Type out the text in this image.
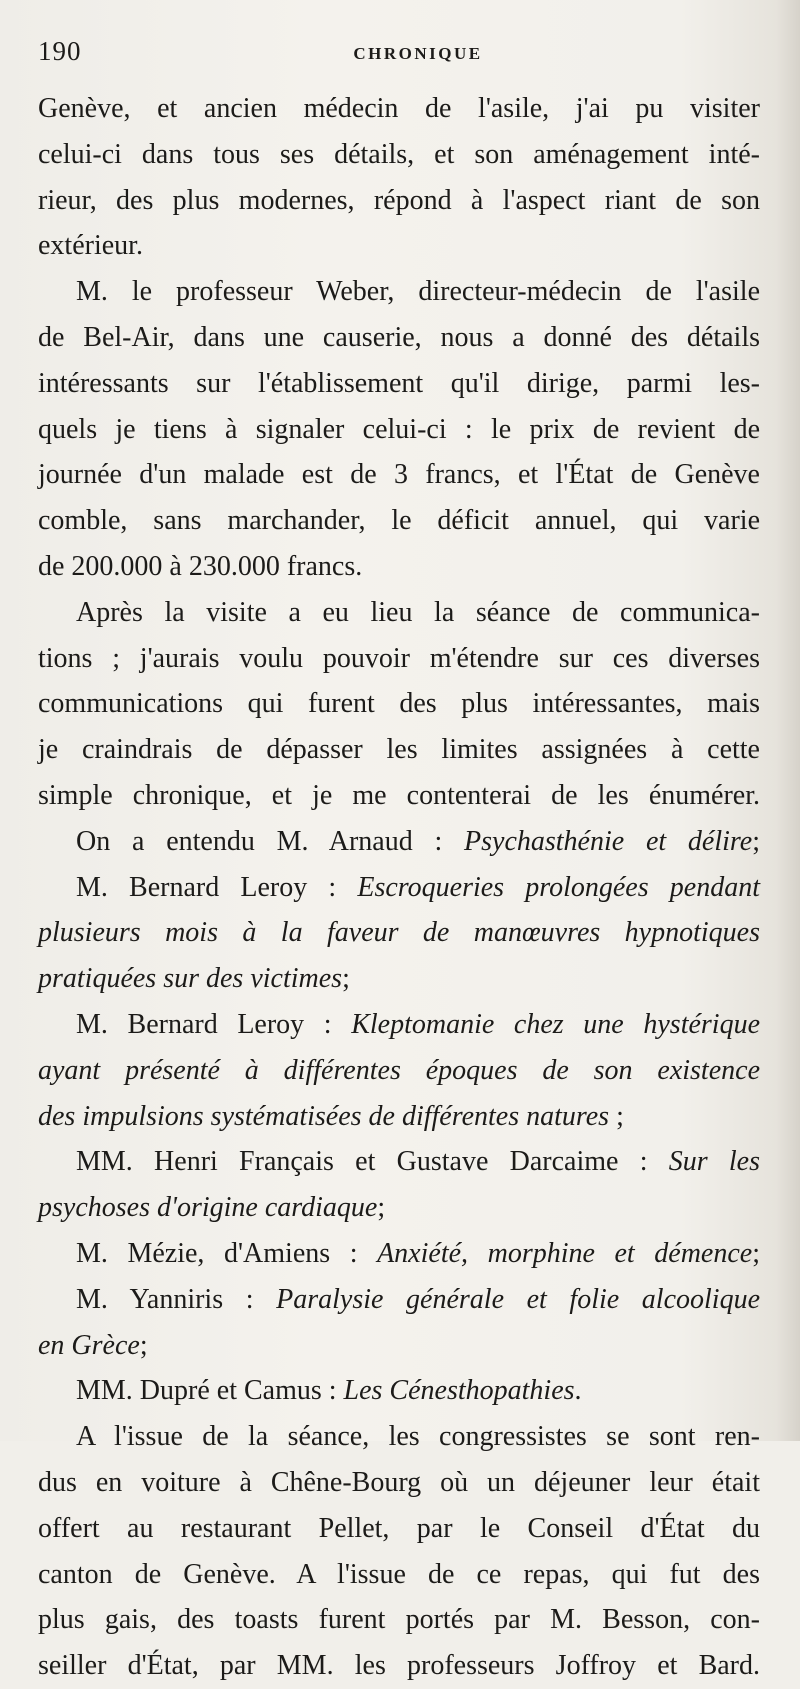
190	CHRONIQUE
Genève, et ancien médecin de l'asile, j'ai pu visiter
celui-ci dans tous ses détails, et son aménagement inté-
rieur, des plus modernes, répond à l'aspect riant de son
extérieur.
M. le professeur Weber, directeur-médecin de l'asile
de Bel-Air, dans une causerie, nous a donné des détails
intéressants sur l'établissement qu'il dirige, parmi les-
quels je tiens à signaler celui-ci : le prix de revient de
journée d'un malade est de 3 francs, et l'État de Genève
comble, sans marchander, le déficit annuel, qui varie
de 200.000 à 230.000 francs.
Après la visite a eu lieu la séance de communica-
tions ; j'aurais voulu pouvoir m'étendre sur ces diverses
communications qui furent des plus intéressantes, mais
je craindrais de dépasser les limites assignées à cette
simple chronique, et je me contenterai de les énumérer.
On a entendu M. Arnaud : Psychasthénie et délire;
M. Bernard Leroy : Escroqueries prolongées pendant
plusieurs mois à la faveur de manœuvres hypnotiques
pratiquées sur des victimes;
M. Bernard Leroy : Kleptomanie chez une hystérique
ayant présenté à différentes époques de son existence
des impulsions systématisées de différentes natures ;
MM. Henri Français et Gustave Darcaime : Sur les
psychoses d'origine cardiaque;
M. Mézie, d'Amiens : Anxiété, morphine et démence;
M. Yanniris : Paralysie générale et folie alcoolique
en Grèce;
MM. Dupré et Camus : Les Cénesthopathies.
A l'issue de la séance, les congressistes se sont ren-
dus en voiture à Chêne-Bourg où un déjeuner leur était
offert au restaurant Pellet, par le Conseil d'État du
canton de Genève. A l'issue de ce repas, qui fut des
plus gais, des toasts furent portés par M. Besson, con-
seiller d'État, par MM. les professeurs Joffroy et Bard.
